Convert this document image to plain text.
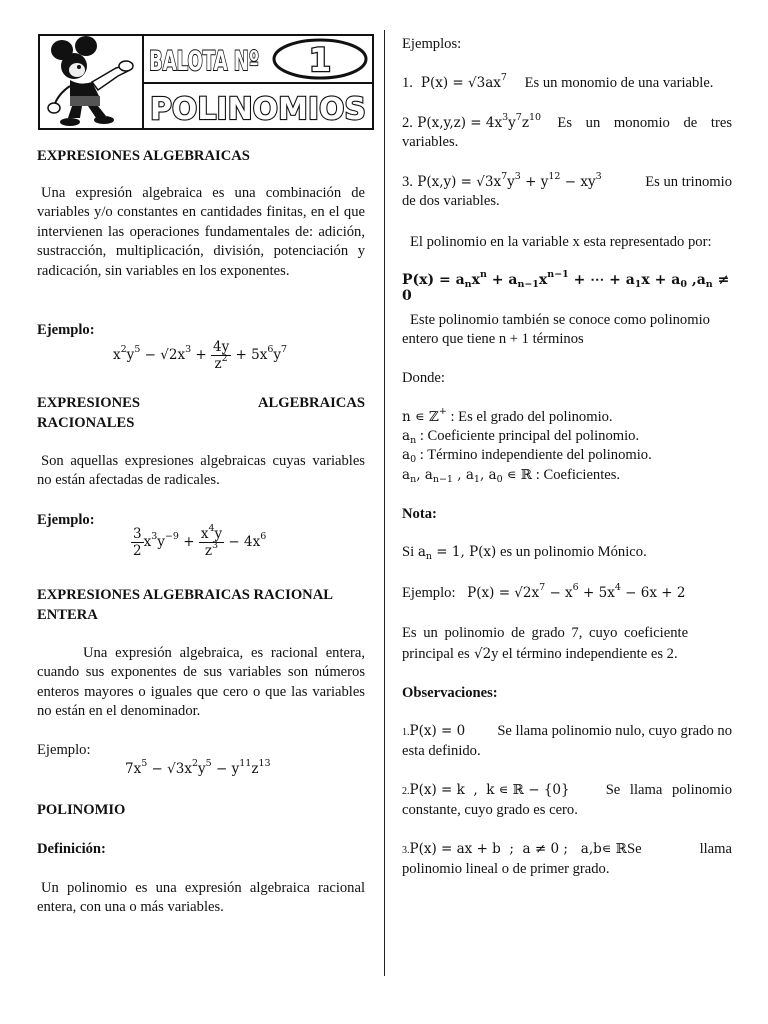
BALOTA Nº 1
POLINOMIOS

EXPRESIONES ALGEBRAICAS

Una expresión algebraica es una combinación de variables y/o constantes en cantidades finitas, en el que intervienen las operaciones fundamentales de: adición, sustracción, multiplicación, división, potenciación y radicación, sin variables en los exponentes.

Ejemplo:

$x^2y^5 - √2x^3 + \frac{4y}{z^2} + 5x^6y^7$
EXPRESIONES	ALGEBRAICAS

RACIONALES

Son aquellas expresiones algebraicas cuyas variables no están afectadas de radicales.

Ejemplo:

$\frac{3}{2} x^3y^{-9} + \frac{x^4y}{z^3} - 4x^6$

EXPRESIONES ALGEBRAICAS RACIONAL

ENTERA

Una expresión algebraica, es racional entera, cuando sus exponentes de sus variables son números enteros mayores o iguales que cero o que las variables no están en el denominador.

Ejemplo:

$7x^5 - √3x^2y^5 - y^{11}z^{13}$

POLINOMIO

Definición:

Un polinomio es una expresión algebraica racional entera, con una o más variables.

Ejemplos:

1.  $P(x) = √3ax^7$ Es un monomio de una variable.
2. $P(x,y,z) = 4x^3y^7z^{10}$ Es un monomio de tres
variables.
3. $P(x,y) = √3x^7y^3 + y^{12} - xy^3$	Es un trinomio
de dos variables.

El polinomio en la variable x esta representado por:

$P(x) = a_nx^n + a_{n-1}x^{n-1}$ + ⋯ + $a_1x + a_0$ $,a_n \ne 0$

Este polinomio también se conoce como polinomio

entero que tiene n + 1 términos

Donde:

n ∊ ℤ+ : Es el grado del polinomio.
$a_n$ : Coeficiente principal del polinomio.
$a_0$ : Término independiente del polinomio.
$a_n$, $a_{n-1}$ , $a_1$, $a_0$ ∊ ℝ : Coeficientes.

Nota:

Si $a_n = 1$, P(x) es un polinomio Mónico.
Ejemplo: $P(x) = √2x^7 - x^6 + 5x^4 - 6x + 2$

Es un polinomio de grado 7, cuyo coeficiente

principal es √2y el término independiente es 2.

Observaciones:

1.P(x) = 0 Se llama polinomio nulo, cuyo grado no
esta definido.
2.P(x) = k  ,  k ∊ ℝ − {0} Se llama polinomio
constante, cuyo grado es cero.
3.P(x) = ax + b  ;  a ≠ 0 ;   a,b∊ ℝSe	llama
polinomio lineal o de primer grado.
